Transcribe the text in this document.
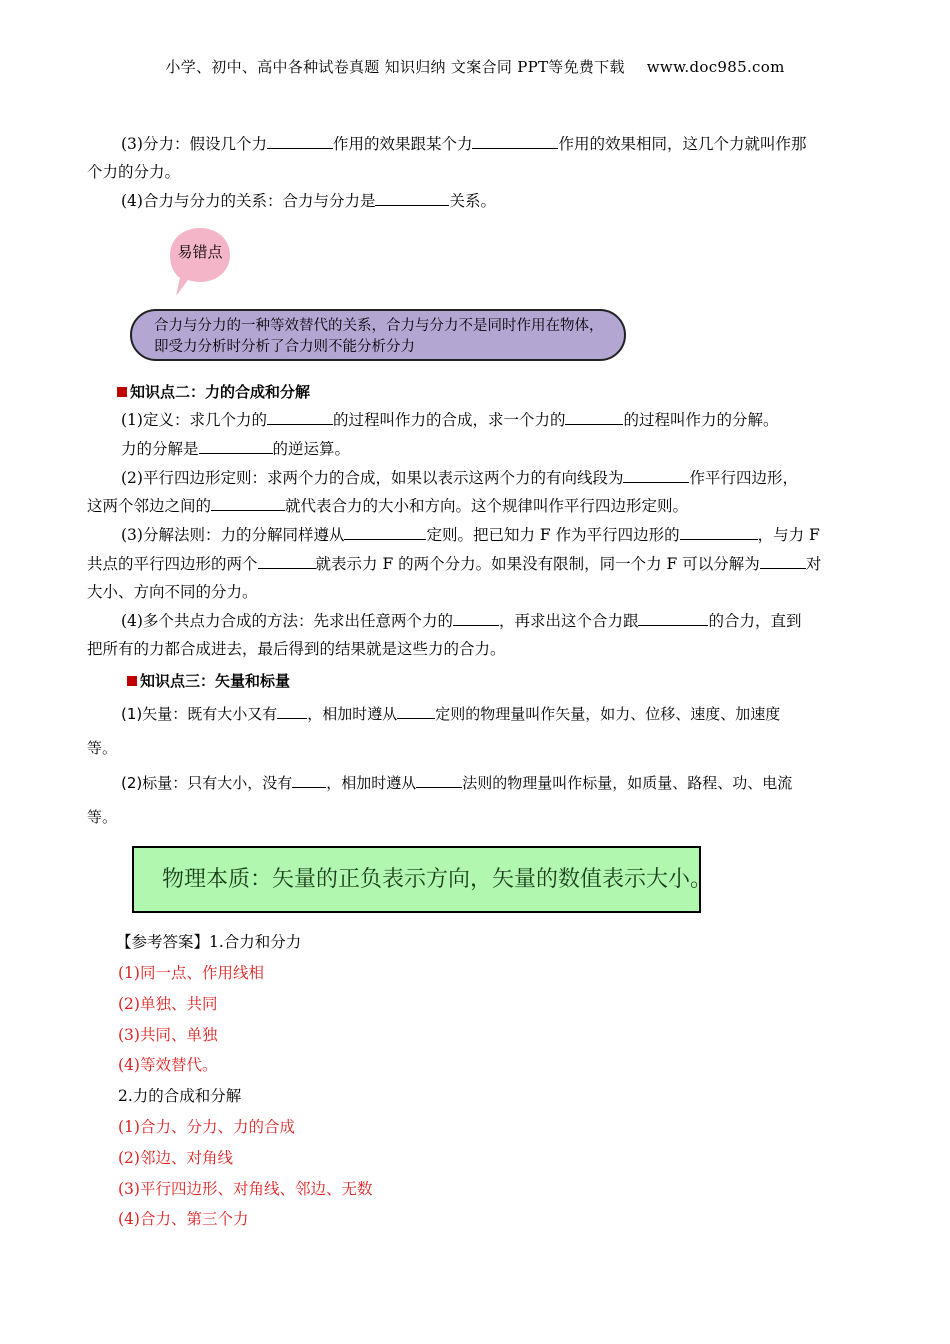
小学、初中、高中各种试卷真题 知识归纳 文案合同 PPT等免费下载 www.doc985.com
(3)分力：假设几个力	作用的效果跟某个力	作用的效果相同，这几个力就叫作那
个力的分力。
(4)合力与分力的关系：合力与分力是	关系。
易错点
合力与分力的一种等效替代的关系，合力与分力不是同时作用在物体，
即受力分析时分析了合力则不能分析分力
知识点二：力的合成和分解
(1)定义：求几个力的	的过程叫作力的合成，求一个力的	的过程叫作力的分解。
力的分解是	的逆运算。
(2)平行四边形定则：求两个力的合成，如果以表示这两个力的有向线段为	作平行四边形，
这两个邻边之间的	就代表合力的大小和方向。这个规律叫作平行四边形定则。
(3)分解法则：力的分解同样遵从	定则。把已知力 F 作为平行四边形的	，与力 F
共点的平行四边形的两个	就表示力 F 的两个分力。如果没有限制，同一个力 F 可以分解为	对
大小、方向不同的分力。
(4)多个共点力合成的方法：先求出任意两个力的	，再求出这个合力跟	的合力，直到
把所有的力都合成进去，最后得到的结果就是这些力的合力。
知识点三：矢量和标量
(1)矢量：既有大小又有 ，相加时遵从	定则的物理量叫作矢量，如力、位移、速度、加速度
等。
(2)标量：只有大小，没有 ，相加时遵从	法则的物理量叫作标量，如质量、路程、功、电流
等。
物理本质：矢量的正负表示方向，矢量的数值表示大小。
【参考答案】1.合力和分力
(1)同一点、作用线相
(2)单独、共同
(3)共同、单独
(4)等效替代。
2.力的合成和分解
(1)合力、分力、力的合成
(2)邻边、对角线
(3)平行四边形、对角线、邻边、无数
(4)合力、第三个力
